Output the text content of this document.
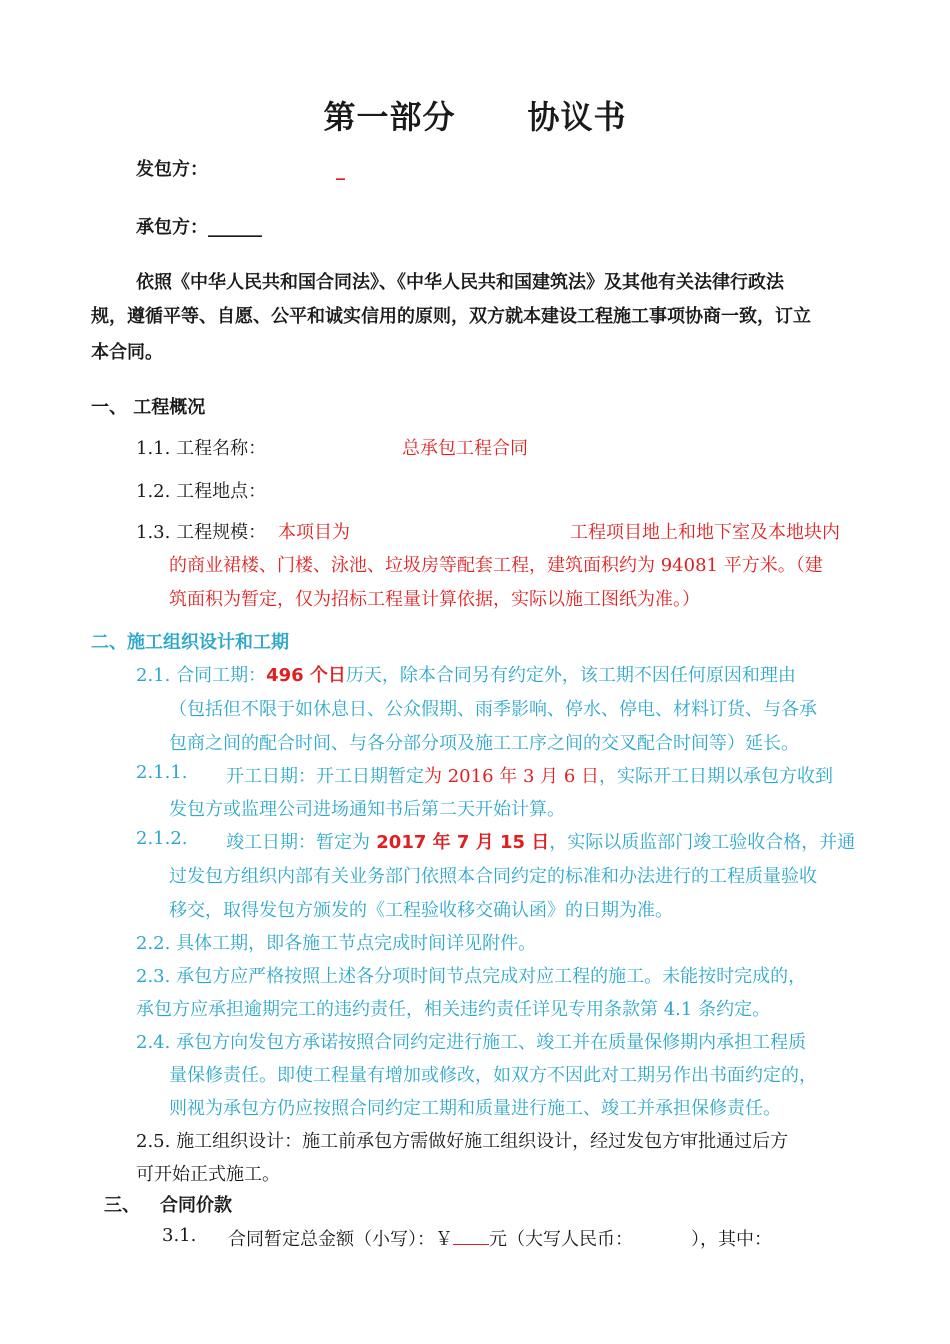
第一部分 协议书
发包方：	_
承包方：______
依照《中华人民共和国合同法》、《中华人民共和国建筑法》及其他有关法律行政法
规，遵循平等、自愿、公平和诚实信用的原则，双方就本建设工程施工事项协商一致，订立
本合同。
一、 工程概况
1.1. 工程名称：	总承包工程合同
1.2. 工程地点：
1.3. 工程规模： 本项目为	工程项目地上和地下室及本地块内
的商业裙楼、门楼、泳池、垃圾房等配套工程，建筑面积约为 94081 平方米。（建
筑面积为暂定，仅为招标工程量计算依据，实际以施工图纸为准。）
二、施工组织设计和工期
2.1. 合同工期：496 个日历天，除本合同另有约定外，该工期不因任何原因和理由
（包括但不限于如休息日、公众假期、雨季影响、停水、停电、材料订货、与各承
包商之间的配合时间、与各分部分项及施工工序之间的交叉配合时间等）延长。
2.1.1. 开工日期：开工日期暂定为 2016 年 3 月 6 日，实际开工日期以承包方收到
发包方或监理公司进场通知书后第二天开始计算。
2.1.2. 竣工日期：暂定为 2017 年 7 月 15 日，实际以质监部门竣工验收合格，并通
过发包方组织内部有关业务部门依照本合同约定的标准和办法进行的工程质量验收
移交，取得发包方颁发的《工程验收移交确认函》的日期为准。
2.2. 具体工期，即各施工节点完成时间详见附件。
2.3. 承包方应严格按照上述各分项时间节点完成对应工程的施工。未能按时完成的，
承包方应承担逾期完工的违约责任，相关违约责任详见专用条款第 4.1 条约定。
2.4. 承包方向发包方承诺按照合同约定进行施工、竣工并在质量保修期内承担工程质
量保修责任。即使工程量有增加或修改，如双方不因此对工期另作出书面约定的，
则视为承包方仍应按照合同约定工期和质量进行施工、竣工并承担保修责任。
2.5. 施工组织设计：施工前承包方需做好施工组织设计，经过发包方审批通过后方
可开始正式施工。
三、 合同价款
3.1. 合同暂定总金额（小写）：￥ 元（大写人民币：	），其中：
